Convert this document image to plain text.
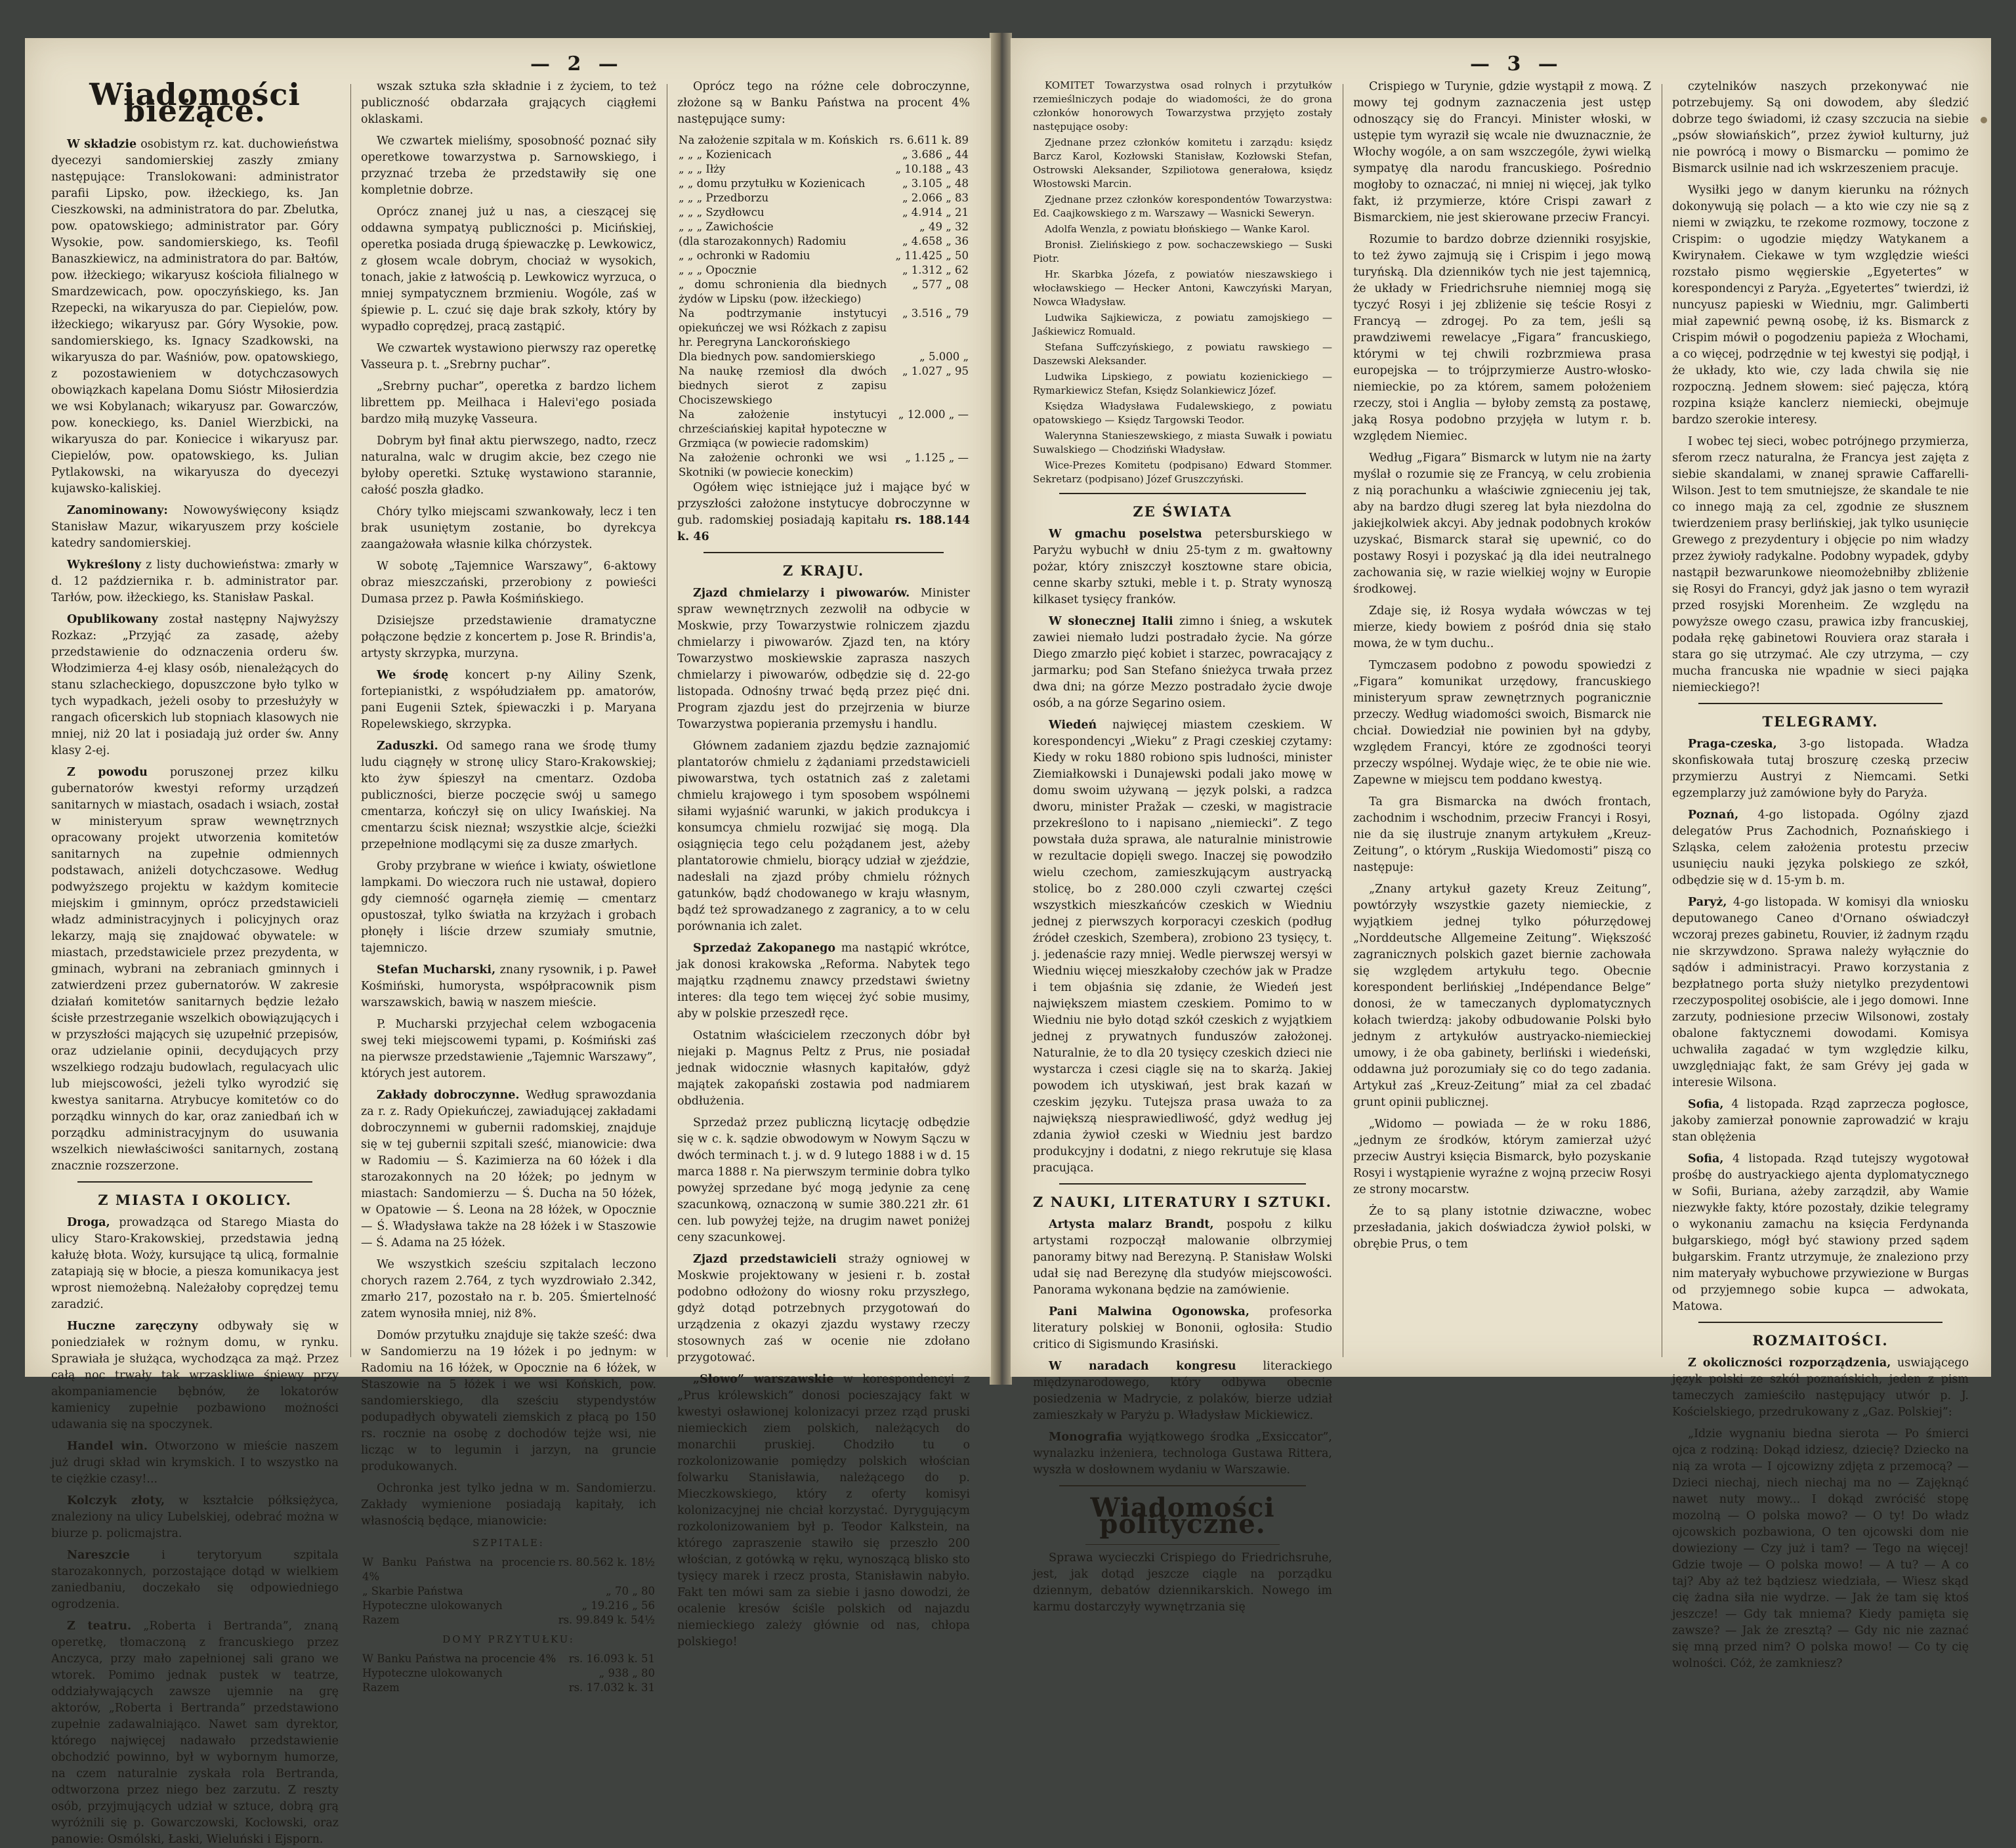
— 2 —
Wiadomości bieżące.

W składzie osobistym rz. kat. duchowieństwa dyecezyi sandomierskiej zaszły zmiany następujące: Translokowani: administrator parafii Lipsko, pow. iłżeckiego, ks. Jan Cieszkowski, na administratora do par. Zbelutka, pow. opatowskiego; administrator par. Góry Wysokie, pow. sandomierskiego, ks. Teofil Banaszkiewicz, na administratora do par. Bałtów, pow. iłżeckiego; wikaryusz kościoła filialnego w Smardzewicach, pow. opoczyńskiego, ks. Jan Rzepecki, na wikaryusza do par. Ciepielów, pow. iłżeckiego; wikaryusz par. Góry Wysokie, pow. sandomierskiego, ks. Ignacy Szadkowski, na wikaryusza do par. Waśniów, pow. opatowskiego, z pozostawieniem w dotychczasowych obowiązkach kapelana Domu Sióstr Miłosierdzia we wsi Kobylanach; wikaryusz par. Gowarczów, pow. koneckiego, ks. Daniel Wierzbicki, na wikaryusza do par. Koniecice i wikaryusz par. Ciepielów, pow. opatowskiego, ks. Julian Pytlakowski, na wikaryusza do dyecezyi kujawsko-kaliskiej.

Zanominowany: Nowowyświęcony ksiądz Stanisław Mazur, wikaryuszem przy kościele katedry sandomierskiej.

Wykreślony z listy duchowieństwa: zmarły w d. 12 października r. b. administrator par. Tarłów, pow. iłżeckiego, ks. Stanisław Paskal.

Opublikowany został następny Najwyższy Rozkaz: „Przyjąć za zasadę, ażeby przedstawienie do odznaczenia orderu św. Włodzimierza 4-ej klasy osób, nienależących do stanu szlacheckiego, dopuszczone było tylko w tych wypadkach, jeżeli osoby to przesłużyły w rangach oficerskich lub stopniach klasowych nie mniej, niż 20 lat i posiadają już order św. Anny klasy 2-ej.

Z powodu poruszonej przez kilku gubernatorów kwestyi reformy urządzeń sanitarnych w miastach, osadach i wsiach, został w ministeryum spraw wewnętrznych opracowany projekt utworzenia komitetów sanitarnych na zupełnie odmiennych podstawach, aniżeli dotychczasowe. Według podwyższego projektu w każdym komitecie miejskim i gminnym, oprócz przedstawicieli władz administracyjnych i policyjnych oraz lekarzy, mają się znajdować obywatele: w miastach, przedstawiciele przez prezydenta, w gminach, wybrani na zebraniach gminnych i zatwierdzeni przez gubernatorów. W zakresie działań komitetów sanitarnych będzie leżało ścisłe przestrzeganie wszelkich obowiązujących i w przyszłości mających się uzupełnić przepisów, oraz udzielanie opinii, decydujących przy wszelkiego rodzaju budowlach, regulacyach ulic lub miejscowości, jeżeli tylko wyrodzić się kwestya sanitarna. Atrybucye komitetów co do porządku winnych do kar, oraz zaniedbań ich w porządku administracyjnym do usuwania wszelkich niewłaściwości sanitarnych, zostaną znacznie rozszerzone.

Z MIASTA I OKOLICY.

Droga, prowadząca od Starego Miasta do ulicy Staro-Krakowskiej, przedstawia jedną kałużę błota. Woży, kursujące tą ulicą, formalnie zatapiają się w błocie, a piesza komunikacya jest wprost niemożebną. Należałoby coprędzej temu zaradzić.

Huczne zaręczyny odbywały się w poniedziałek w rożnym domu, w rynku. Sprawiała je służąca, wychodząca za mąż. Przez całą noc trwały tak wrzaskliwe śpiewy przy akompaniamencie bębnów, że lokatorów kamienicy zupełnie pozbawiono możności udawania się na spoczynek.

Handel win. Otworzono w mieście naszem już drugi skład win krymskich. I to wszystko na te ciężkie czasy!...

Kolczyk złoty, w kształcie półksiężyca, znaleziony na ulicy Lubelskiej, odebrać można w biurze p. policmajstra.

Nareszcie	i terytoryum szpitala starozakonnych, porzostające dotąd w wielkiem zaniedbaniu, doczekało się odpowiedniego ogrodzenia.

Z teatru. „Roberta i Bertranda”, znaną operetkę, tłomaczoną z francuskiego przez Anczyca, przy mało zapełnionej sali grano we wtorek. Pomimo jednak pustek w teatrze, oddziaływających zawsze ujemnie na grę aktorów, „Roberta i Bertranda” przedstawiono zupełnie zadawalniająco. Nawet sam dyrektor, którego najwięcej nadawało przedstawienie obchodzić powinno, był w wybornym humorze, na czem naturalnie zyskała rola Bertranda, odtworzona przez niego bez zarzutu. Z reszty osób, przyjmujących udział w sztuce, dobrą grą wyróżnili się p. Gowarczowski, Kocłowski, oraz panowie: Osmólski, Łaski, Wieluński i Ejsporn.

wszak sztuka szła składnie i z życiem, to też publiczność obdarzała grających ciągłemi oklaskami.

We czwartek mieliśmy, sposobność poznać siły operetkowe towarzystwa p. Sarnowskiego, i przyznać trzeba że przedstawiły się one kompletnie dobrze.

Oprócz znanej już u nas, a cieszącej się oddawna sympatyą publiczności p. Micińskiej, operetka posiada drugą śpiewaczkę p. Lewkowicz, z głosem wcale dobrym, chociaż w wysokich, tonach, jakie z łatwością p. Lewkowicz wyrzuca, o mniej sympatycznem brzmieniu. Wogóle, zaś w śpiewie p. L. czuć się daje brak szkoły, który by wypadło coprędzej, pracą zastąpić.

We czwartek wystawiono pierwszy raz operetkę Vasseura p. t. „Srebrny puchar”.

„Srebrny puchar”, operetka z bardzo lichem librettem pp. Meilhaca i Halevi'ego posiada bardzo miłą muzykę Vasseura.

Dobrym był finał aktu pierwszego, nadto, rzecz naturalna, walc w drugim akcie, bez czego nie byłoby operetki. Sztukę wystawiono starannie, całość poszła gładko.

Chóry tylko miejscami szwankowały, lecz i ten brak usuniętym zostanie, bo dyrekcya zaangażowała własnie kilka chórzystek.

W sobotę „Tajemnice Warszawy”, 6-aktowy obraz mieszczański, przerobiony z powieści Dumasa przez p. Pawła Kośmińskiego.

Dzisiejsze przedstawienie dramatyczne połączone będzie z koncertem p. Jose R. Brindis'a, artysty skrzypka, murzyna.

We środę koncert p-ny Ailiny Szenk, fortepianistki, z współudziałem pp. amatorów, pani Eugenii Sztek, śpiewaczki i p. Maryana Ropelewskiego, skrzypka.

Zaduszki. Od samego rana we środę tłumy ludu ciągnęły w stronę ulicy Staro-Krakowskiej; kto żyw śpieszył na cmentarz. Ozdoba publiczności, bierze poczęcie swój u samego cmentarza, kończył się on ulicy Iwańskiej. Na cmentarzu ścisk nieznał; wszystkie alcje, ścieżki przepełnione modlącymi się za dusze zmarłych.

Groby przybrane w wieńce i kwiaty, oświetlone lampkami. Do wieczora ruch nie ustawał, dopiero gdy ciemność ogarnęła ziemię — cmentarz opustoszał, tylko światła na krzyżach i grobach płonęły i liście drzew szumiały smutnie, tajemniczo.

Stefan Mucharski, znany rysownik, i p. Paweł Kośmiński, humorysta, współpracownik pism warszawskich, bawią w naszem mieście.

P. Mucharski przyjechał celem wzbogacenia swej teki miejscowemi typami, p. Kośmiński zaś na pierwsze przedstawienie „Tajemnic Warszawy”, których jest autorem.

Zakłady dobroczynne. Według sprawozdania za r. z. Rady Opiekuńczej, zawiadującej zakładami dobroczynnemi w gubernii radomskiej, znajduje się w tej gubernii szpitali sześć, mianowicie: dwa w Radomiu — Ś. Kazimierza na 60 łóżek i dla starozakonnych na 20 łóżek; po jednym w miastach: Sandomierzu — Ś. Ducha na 50 łóżek, w Opatowie — Ś. Leona na 28 łóżek, w Opocznie — Ś. Władysława także na 28 łóżek i w Staszowie — Ś. Adama na 25 łóżek.

We wszystkich sześciu szpitalach leczono chorych razem 2.764, z tych wyzdrowiało 2.342, zmarło 217, pozostało na r. b. 205. Śmiertelność zatem wynosiła mniej, niż 8%.

Domów przytułku znajduje się także sześć: dwa w Sandomierzu na 19 łóżek i po jednym: w Radomiu na 16 łóżek, w Opocznie na 6 łóżek, w Staszowie na 5 łóżek i we wsi Końskich, pow. sandomierskiego, dla sześciu stypendystów podupadłych obywateli ziemskich z płacą po 150 rs. rocznie na osobę z dochodów tejże wsi, nie licząc w to legumin i jarzyn, na gruncie produkowanych.

Ochronka jest tylko jedna w m. Sandomierzu. Zakłady wymienione posiadają kapitały, ich własnością będące, mianowicie:

SZPITALE:
W Banku Państwa na procencie 4%	rs. 80.562 k. 18½
„ Skarbie Państwa	„ 70 „ 80
Hypoteczne ulokowanych	„ 19.216 „ 56
Razem	rs. 99.849 k. 54½
DOMY PRZYTUŁKU:
W Banku Państwa na procencie 4%	rs. 16.093 k. 51
Hypoteczne ulokowanych	„ 938 „ 80
Razem	rs. 17.032 k. 31

Oprócz tego na różne cele dobroczynne, złożone są w Banku Państwa na procent 4% następujące sumy:

Na założenie szpitala w m. Końskich	rs. 6.611 k. 89
„ „ „ Kozienicach	„ 3.686 „ 44
„ „ „ Iłży	„ 10.188 „ 43
„ „ domu przytułku w Kozienicach	„ 3.105 „ 48
„ „ „ Przedborzu	„ 2.066 „ 83
„ „ „ Szydłowcu	„ 4.914 „ 21
„ „ „ Zawichoście	„ 49 „ 32
(dla starozakonnych) Radomiu	„ 4.658 „ 36
„ „ ochronki w Radomiu	„ 11.425 „ 50
„ „ „ Opocznie	„ 1.312 „ 62
„ domu schronienia dla biednych żydów w Lipsku (pow. iłżeckiego)	„ 577 „ 08
Na podtrzymanie instytucyi opiekuńczej we wsi Różkach z zapisu hr. Peregryna Lanckorońskiego	„ 3.516 „ 79
Dla biednych pow. sandomierskiego	„ 5.000 „
Na naukę rzemiosł dla dwóch biednych sierot z zapisu Chociszewskiego	„ 1.027 „ 95
Na założenie instytucyi chrześciańskiej kapitał hypoteczne w Grzmiąca (w powiecie radomskim)	„ 12.000 „ —
Na założenie ochronki we wsi Skotniki (w powiecie koneckim)	„ 1.125 „ —

Ogółem więc istniejące już i mające być w przyszłości założone instytucye dobroczynne w gub. radomskiej posiadają kapitału rs. 188.144 k. 46

Z KRAJU.

Zjazd chmielarzy i piwowarów. Minister spraw wewnętrznych zezwolił na odbycie w Moskwie, przy Towarzystwie rolniczem zjazdu chmielarzy i piwowarów. Zjazd ten, na który Towarzystwo moskiewskie zaprasza naszych chmielarzy i piwowarów, odbędzie się d. 22-go listopada. Odnośny trwać będą przez pięć dni. Program zjazdu jest do przejrzenia w biurze Towarzystwa popierania przemysłu i handlu.

Głównem zadaniem zjazdu będzie zaznajomić plantatorów chmielu z żądaniami przedstawicieli piwowarstwa, tych ostatnich zaś z zaletami chmielu krajowego i tym sposobem wspólnemi siłami wyjaśnić warunki, w jakich produkcya i konsumcya chmielu rozwijać się mogą. Dla osiągnięcia tego celu pożądanem jest, ażeby plantatorowie chmielu, biorący udział w zjeździe, nadesłali na zjazd próby chmielu różnych gatunków, bądź chodowanego w kraju własnym, bądź też sprowadzanego z zagranicy, a to w celu porównania ich zalet.

Sprzedaż Zakopanego ma nastąpić wkrótce, jak donosi krakowska „Reforma. Nabytek tego majątku rządnemu znawcy przedstawi świetny interes: dla tego tem więcej żyć sobie musimy, aby w polskie przeszedł ręce.

Ostatnim właścicielem rzeczonych dóbr był niejaki p. Magnus Peltz z Prus, nie posiadał jednak widocznie własnych kapitałów, gdyż majątek zakopański zostawia pod nadmiarem obdłużenia.

Sprzedaż przez publiczną licytację odbędzie się w c. k. sądzie obwodowym w Nowym Sączu w dwóch terminach t. j. w d. 9 lutego 1888 i w d. 15 marca 1888 r. Na pierwszym terminie dobra tylko powyżej sprzedane być mogą jedynie za cenę szacunkową, oznaczoną w sumie 380.221 złr. 61 cen. lub powyżej tejże, na drugim nawet poniżej ceny szacunkowej.

Zjazd przedstawicieli straży ogniowej w Moskwie projektowany w jesieni r. b. został podobno odłożony do wiosny roku przyszłego, gdyż dotąd potrzebnych przygotowań do urządzenia z okazyi zjazdu wystawy rzeczy stosownych zaś w ocenie nie zdołano przygotować.

„Słowo” warszawskie w korespondencyi z „Prus królewskich” donosi pocieszający fakt w kwestyi osławionej kolonizacyi przez rząd pruski niemieckich ziem polskich, należących do monarchii pruskiej. Chodziło tu o rozkolonizowanie pomiędzy polskich włościan folwarku Stanisławia, należącego do p. Mieczkowskiego, który z oferty komisyi kolonizacyjnej nie chciał korzystać. Dyrygującym rozkolonizowaniem był p. Teodor Kalkstein, na którego zapraszenie stawiło się przeszło 200 włościan, z gotówką w ręku, wynoszącą blisko sto tysięcy marek i rzecz prosta, Stanisławin nabyło. Fakt ten mówi sam za siebie i jasno dowodzi, że ocalenie kresów ściśle polskich od najazdu niemieckiego zależy głównie od nas, chłopa polskiego!

— 3 —

KOMITET Towarzystwa osad rolnych i przytułków rzemieślniczych podaje do wiadomości, że do grona członków honorowych Towarzystwa przyjęto zostały następujące osoby:

Zjednane przez członków komitetu i zarządu: księdz Barcz Karol, Kozłowski Stanisław, Kozłowski Stefan, Ostrowski Aleksander, Szpiliotowa generałowa, księdz Włostowski Marcin.

Zjednane przez członków korespondentów Towarzystwa: Ed. Caajkowskiego z m. Warszawy — Wasnicki Seweryn.

Adolfa Wenzla, z powiatu błońskiego — Wanke Karol.

Bronisł. Zielińskiego z pow. sochaczewskiego — Suski Piotr.

Hr. Skarbka Józefa, z powiatów nieszawskiego i włocławskiego — Hecker Antoni, Kawczyński Maryan, Nowca Władysław.

Ludwika Sajkiewicza, z powiatu zamojskiego — Jaśkiewicz Romuald.

Stefana Suffczyńskiego, z powiatu rawskiego — Daszewski Aleksander.

Ludwika Lipskiego, z powiatu kozienickiego — Rymarkiewicz Stefan, Księdz Solankiewicz Józef.

Księdza Władysława Fudalewskiego, z powiatu opatowskiego — Księdz Targowski Teodor.

Walerynna Stanieszewskiego, z miasta Suwałk i powiatu Suwalskiego — Chodziński Władysław.

Wice-Prezes Komitetu (podpisano) Edward Stommer. Sekretarz (podpisano) Józef Gruszczyński.

ZE ŚWIATA

W gmachu poselstwa petersburskiego w Paryżu wybuchł w dniu 25-tym z m. gwałtowny pożar, który zniszczył kosztowne stare obicia, cenne skarby sztuki, meble i t. p. Straty wynoszą kilkaset tysięcy franków.

W słonecznej Italii zimno i śnieg, a wskutek zawiei niemało ludzi postradało życie. Na górze Diego zmarzło pięć kobiet i starzec, powracający z jarmarku; pod San Stefano śnieżyca trwała przez dwa dni; na górze Mezzo postradało życie dwoje osób, a na górze Segarino osiem.

Wiedeń najwięcej miastem czeskiem. W korespondencyi „Wieku” z Pragi czeskiej czytamy: Kiedy w roku 1880 robiono spis ludności, minister Ziemiałkowski i Dunajewski podali jako mowę w domu swoim używaną — język polski, a radzca dworu, minister Pražak — czeski, w magistracie przekreślono to i napisano „niemiecki”. Z tego powstała duża sprawa, ale naturalnie ministrowie w rezultacie dopięli swego. Inaczej się powodziło wielu czechom, zamieszkującym austryacką stolicę, bo z 280.000 czyli czwartej części wszystkich mieszkańców czeskich w Wiedniu jednej z pierwszych korporacyi czeskich (podług źródeł czeskich, Szembera), zrobiono 23 tysięcy, t. j. jedenaście razy mniej. Wedle pierwszej wersyi w Wiedniu więcej mieszkałoby czechów jak w Pradze i tem objaśnia się zdanie, że Wiedeń jest największem miastem czeskiem. Pomimo to w Wiedniu nie było dotąd szkół czeskich z wyjątkiem jednej z prywatnych funduszów założonej. Naturalnie, że to dla 20 tysięcy czeskich dzieci nie wystarcza i czesi ciągle się na to skarżą. Jakiej powodem ich utyskiwań, jest brak kazań w czeskim języku. Tutejsza prasa uważa to za największą niesprawiedliwość, gdyż według jej zdania żywioł czeski w Wiedniu jest bardzo produkcyjny i dodatni, z niego rekrutuje się klasa pracująca.

Z NAUKI, LITERATURY I SZTUKI.

Artysta malarz Brandt, pospołu z kilku artystami rozpoczął malowanie olbrzymiej panoramy bitwy nad Berezyną. P. Stanisław Wolski udał się nad Berezynę dla studyów miejscowości. Panorama wykonana będzie na zamówienie.

Pani Malwina Ogonowska, profesorka literatury polskiej w Bononii, ogłosiła: Studio critico di Sigismundo Krasiński.

W naradach kongresu literackiego międzynarodowego, który odbywa obecnie posiedzenia w Madrycie, z polaków, bierze udział zamieszkały w Paryżu p. Władysław Mickiewicz.

Monografia wyjątkowego środka „Exsiccator”, wynalazku inżeniera, technologa Gustawa Rittera, wyszła w dosłownem wydaniu w Warszawie.

Wiadomości polityczne.

Sprawa wycieczki Crispiego do Friedrichsruhe, jest, jak dotąd jeszcze ciągle na porządku dziennym, debatów dziennikarskich. Nowego im karmu dostarczyły wywnętrzania się

Crispiego w Turynie, gdzie wystąpił z mową. Z mowy tej godnym zaznaczenia jest ustęp odnoszący się do Francyi. Minister włoski, w ustępie tym wyraził się wcale nie dwuznacznie, że Włochy wogóle, a on sam wszczególe, żywi wielką sympatyę dla narodu francuskiego. Pośrednio mogłoby to oznaczać, ni mniej ni więcej, jak tylko fakt, iż przymierze, które Crispi zawarł z Bismarckiem, nie jest skierowane przeciw Francyi.

Rozumie to bardzo dobrze dzienniki rosyjskie, to też żywo zajmują się i Crispim i jego mową turyńską. Dla dzienników tych nie jest tajemnicą, że układy w Friedrichsruhe niemniej mogą się tyczyć Rosyi i jej zbliżenie się teście Rosyi z Francyą — zdrogej. Po za tem, jeśli są prawdziwemi rewelacye „Figara” francuskiego, którymi w tej chwili rozbrzmiewa prasa europejska — to trójprzymierze Austro-włosko-niemieckie, po za którem, samem położeniem rzeczy, stoi i Anglia — byłoby zemstą za postawę, jaką Rosya podobno przyjęła w lutym r. b. względem Niemiec.

Według „Figara” Bismarck w lutym nie na żarty myślał o rozumie się ze Francyą, w celu zrobienia z nią porachunku a właściwie zgnieceniu jej tak, aby na bardzo długi szereg lat była niezdolna do jakiejkolwiek akcyi. Aby jednak podobnych kroków uzyskać, Bismarck starał się upewnić, co do postawy Rosyi i pozyskać ją dla idei neutralnego zachowania się, w razie wielkiej wojny w Europie środkowej.

Zdaje się, iż Rosya wydała wówczas w tej mierze, kiedy bowiem z pośród dnia się stało mowa, że w tym duchu..

Tymczasem podobno z powodu spowiedzi z „Figara” komunikat urzędowy, francuskiego ministeryum spraw zewnętrznych pogranicznie przeczy. Według wiadomości swoich, Bismarck nie chciał. Dowiedział nie powinien był na gdyby, względem Francyi, które ze zgodności teoryi przeczy wspólnej. Wydaje więc, że te obie nie wie. Zapewne w miejscu tem poddano kwestyą.

Ta gra Bismarcka na dwóch frontach, zachodnim i wschodnim, przeciw Francyi i Rosyi, nie da się ilustruje znanym artykułem „Kreuz-Zeitung”, o którym „Ruskija Wiedomosti” piszą co następuje:

„Znany artykuł gazety Kreuz Zeitung”, powtórzyły wszystkie gazety niemieckie, z wyjątkiem jednej tylko półurzędowej „Norddeutsche Allgemeine Zeitung”. Większość zagranicznych polskich gazet biernie zachowała się względem artykułu tego. Obecnie korespondent berlińskiej „Indépendance Belge” donosi, że w tameczanych dyplomatycznych kołach twierdzą: jakoby odbudowanie Polski było jednym z artykułów austryacko-niemieckiej umowy, i że oba gabinety, berliński i wiedeński, oddawna już porozumiały się co do tego zadania. Artykuł zaś „Kreuz-Zeitung” miał za cel zbadać grunt opinii publicznej.

„Widomo — powiada — że w roku 1886, „jednym ze środków, którym zamierzał użyć przeciw Austryi księcia Bismarck, było pozyskanie Rosyi i wystąpienie wyraźne z wojną przeciw Rosyi ze strony mocarstw.

Że to są plany istotnie dziwaczne, wobec przesładania, jakich doświadcza żywioł polski, w obrębie Prus, o tem

czytelników naszych przekonywać nie potrzebujemy. Są oni dowodem, aby śledzić dobrze tego świadomi, iż czasy szczucia na siebie „psów słowiańskich”, przez żywioł kulturny, już nie powrócą i mowy o Bismarcku — pomimo że Bismarck usilnie nad ich wskrzeszeniem pracuje.

Wysiłki jego w danym kierunku na różnych dokonywują się polach — a kto wie czy nie są z niemi w związku, te rzekome rozmowy, toczone z Crispim: o ugodzie między Watykanem a Kwirynałem. Ciekawe w tym względzie wieści rozstało pismo węgierskie „Egyetertes” w korespondencyi z Paryża. „Egyetertes” twierdzi, iż nuncyusz papieski w Wiedniu, mgr. Galimberti miał zapewnić pewną osobę, iż ks. Bismarck z Crispim mówił o pogodzeniu papieża z Włochami, a co więcej, podrzędnie w tej kwestyi się podjął, i że układy, kto wie, czy lada chwila się nie rozpoczną. Jednem słowem: sieć pajęcza, którą rozpina książe kanclerz niemiecki, obejmuje bardzo szerokie interesy.

I wobec tej sieci, wobec potrójnego przymierza, sferom rzecz naturalna, że Francya jest zajęta z siebie skandalami, w znanej sprawie Caffarelli-Wilson. Jest to tem smutniejsze, że skandale te nie co innego mają za cel, zgodnie ze słusznem twierdzeniem prasy berlińskiej, jak tylko usunięcie Grewego z prezydentury i objęcie po nim władzy przez żywioły radykalne. Podobny wypadek, gdyby nastąpił bezwarunkowe nieomożebniłby zbliżenie się Rosyi do Francyi, gdyż jak jasno o tem wyraził przed rosyjski Morenheim. Ze względu na powyższe owego czasu, prawica izby francuskiej, podała rękę gabinetowi Rouviera oraz starała i stara go się utrzymać. Ale czy utrzyma, — czy mucha francuska nie wpadnie w sieci pająka niemieckiego?!

TELEGRAMY.

Praga-czeska, 3-go listopada. Władza skonfiskowała tutaj broszurę czeską przeciw przymierzu Austryi z Niemcami. Setki egzemplarzy już zamówione były do Paryża.

Poznań, 4-go listopada. Ogólny zjazd delegatów Prus Zachodnich, Poznańskiego i Szląska, celem założenia protestu przeciw usunięciu nauki języka polskiego ze szkół, odbędzie się w d. 15-ym b. m.

Paryż, 4-go listopada. W komisyi dla wniosku deputowanego Caneo d'Ornano oświadczył wczoraj prezes gabinetu, Rouvier, iż żadnym rządu nie skrzywdzono. Sprawa należy wyłącznie do sądów i administracyi. Prawo korzystania z bezpłatnego porta służy nietylko prezydentowi rzeczypospolitej osobiście, ale i jego domowi. Inne zarzuty, podniesione przeciw Wilsonowi, zostały obalone faktycznemi dowodami. Komisya uchwaliła zagadać w tym względzie kilku, uwzględniając fakt, że sam Grévy jej gada w interesie Wilsona.

Sofia, 4 listopada. Rząd zaprzecza pogłosce, jakoby zamierzał ponownie zaprowadzić w kraju stan oblężenia

Sofia, 4 listopada. Rząd tutejszy wygotował prośbę do austryackiego ajenta dyplomatycznego w Sofii, Buriana, ażeby zarządził, aby Wamie niezwykłe fakty, które pozostały, dzikie telegramy o wykonaniu zamachu na księcia Ferdynanda bułgarskiego, mógł być stawiony przed sądem bułgarskim. Frantz utrzymuje, że znaleziono przy nim materyały wybuchowe przywiezione w Burgas od przyjemnego sobie kupca — adwokata, Matowa.

ROZMAITOŚCI.

Z okoliczności rozporządzenia, uswiającego język polski ze szkół poznańskich, jeden z pism tameczych zamieściło następujący utwór p. J. Kościelskiego, przedrukowany z „Gaz. Polskiej”:

„Idzie wygnaniu biedna sierota — Po śmierci ojca z rodziną: Dokąd idziesz, dziecię? Dziecko na nią za wrota — I ojcowizny zdjęta z przemocą? — Dzieci niechaj, niech niechaj ma no — Zajęknąć nawet nuty mowy... I dokąd zwróciść stopę mozolną — O polska mowo? — O ty! Do władz ojcowskich pozbawiona, O ten ojcowski dom nie dowieziony — Czy już i tam? — Tego na więcej! Gdzie twoje — O polska mowo! — A tu? — A co taj? Aby aż też bądziesz wiedziała, — Wiesz skąd cię żadna siła nie wydrze. — Jak że tam się ktoś jeszcze! — Gdy tak mniema? Kiedy pamięta się zawsze? — Jak że zresztą? — Gdy nic nie zaznać się mną przed nim? O polska mowo! — Co ty cię wolności. Cóż, że zamkniesz?
